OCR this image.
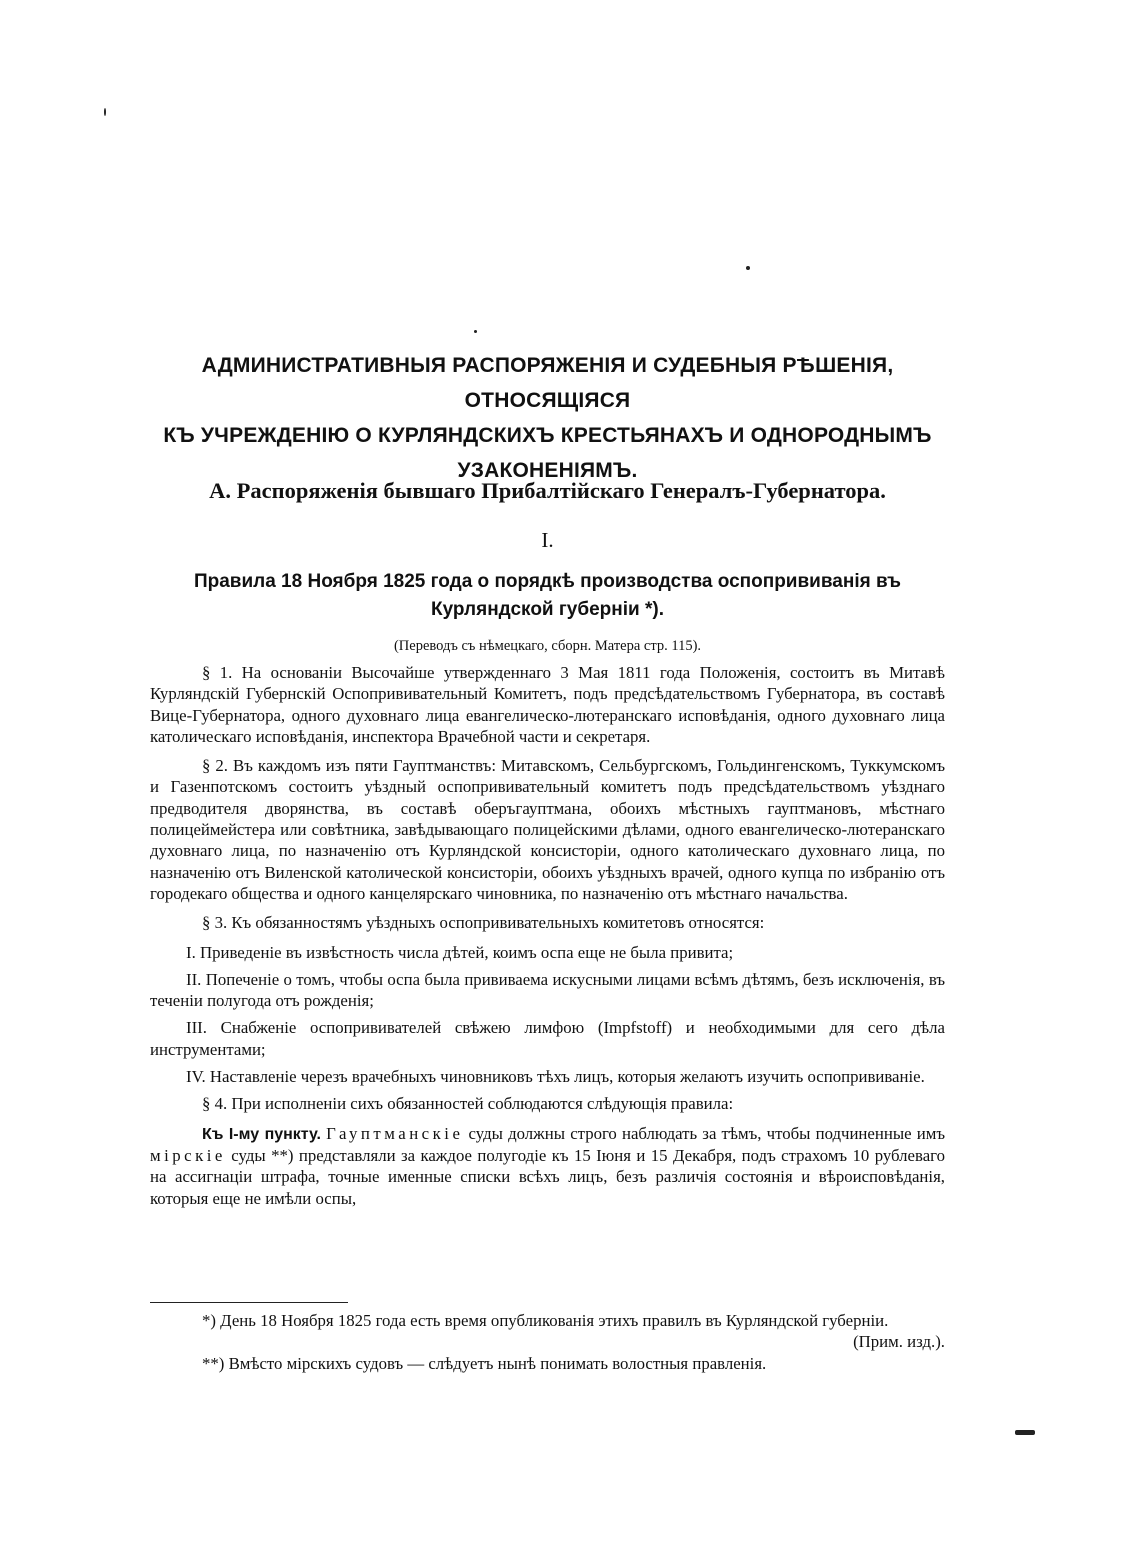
АДМИНИСТРАТИВНЫЯ РАСПОРЯЖЕНІЯ И СУДЕБНЫЯ РѢШЕНІЯ, ОТНОСЯЩІЯСЯ
КЪ УЧРЕЖДЕНІЮ О КУРЛЯНДСКИХЪ КРЕСТЬЯНАХЪ И ОДНОРОДНЫМЪ
УЗАКОНЕНІЯМЪ.
А. Распоряженія бывшаго Прибалтійскаго Генералъ-Губернатора.
I.
Правила 18 Ноября 1825 года о порядкѣ производства оспопрививанія въ
Курляндской губерніи *).
(Переводъ съ нѣмецкаго, сборн. Матера стр. 115).

§ 1. На основаніи Высочайше утвержденнаго 3 Мая 1811 года Положенія, состоитъ въ Митавѣ Курляндскій Губернскій Оспопрививательный Комитетъ, подъ предсѣдательствомъ Губернатора, въ составѣ Вице-Губернатора, одного духовнаго лица евангелическо-лютеранскаго исповѣданія, одного духовнаго лица католическаго исповѣданія, инспектора Врачебной части и секретаря.

§ 2. Въ каждомъ изъ пяти Гауптманствъ: Митавскомъ, Сельбургскомъ, Гольдингенскомъ, Туккумскомъ и Газенпотскомъ состоитъ уѣздный оспопрививательный комитетъ подъ предсѣдательствомъ уѣзднаго предводителя дворянства, въ составѣ оберъгауптмана, обоихъ мѣстныхъ гауптмановъ, мѣстнаго полицеймейстера или совѣтника, завѣдывающаго полицейскими дѣлами, одного евангелическо-лютеранскаго духовнаго лица, по назначенію отъ Курляндской консисторіи, одного католическаго духовнаго лица, по назначенію отъ Виленской католической консисторіи, обоихъ уѣздныхъ врачей, одного купца по избранію отъ городекаго общества и одного канцелярскаго чиновника, по назначенію отъ мѣстнаго начальства.

§ 3. Къ обязанностямъ уѣздныхъ оспопрививательныхъ комитетовъ относятся:

I. Приведеніе въ извѣстность числа дѣтей, коимъ оспа еще не была привита;

II. Попеченіе о томъ, чтобы оспа была прививаема искусными лицами всѣмъ дѣтямъ, безъ исключенія, въ теченіи полугода отъ рожденія;

III. Снабженіе оспопрививателей свѣжею лимфою (Impfstoff) и необходимыми для сего дѣла инструментами;

IV. Наставленіе черезъ врачебныхъ чиновниковъ тѣхъ лицъ, которыя желаютъ изучить оспопрививаніе.

§ 4. При исполненіи сихъ обязанностей соблюдаются слѣдующія правила:

Къ I-му пункту. Гауптманскіе суды должны строго наблюдать за тѣмъ, чтобы подчиненные имъ мірскіе суды **) представляли за каждое полугодіе къ 15 Іюня и 15 Декабря, подъ страхомъ 10 рублеваго на ассигнаціи штрафа, точные именные списки всѣхъ лицъ, безъ различія состоянія и вѣроисповѣданія, которыя еще не имѣли оспы,

*) День 18 Ноября 1825 года есть время опубликованія этихъ правилъ въ Курляндской губерніи.
(Прим. изд.).

**) Вмѣсто мірскихъ судовъ — слѣдуетъ нынѣ понимать волостныя правленія.
